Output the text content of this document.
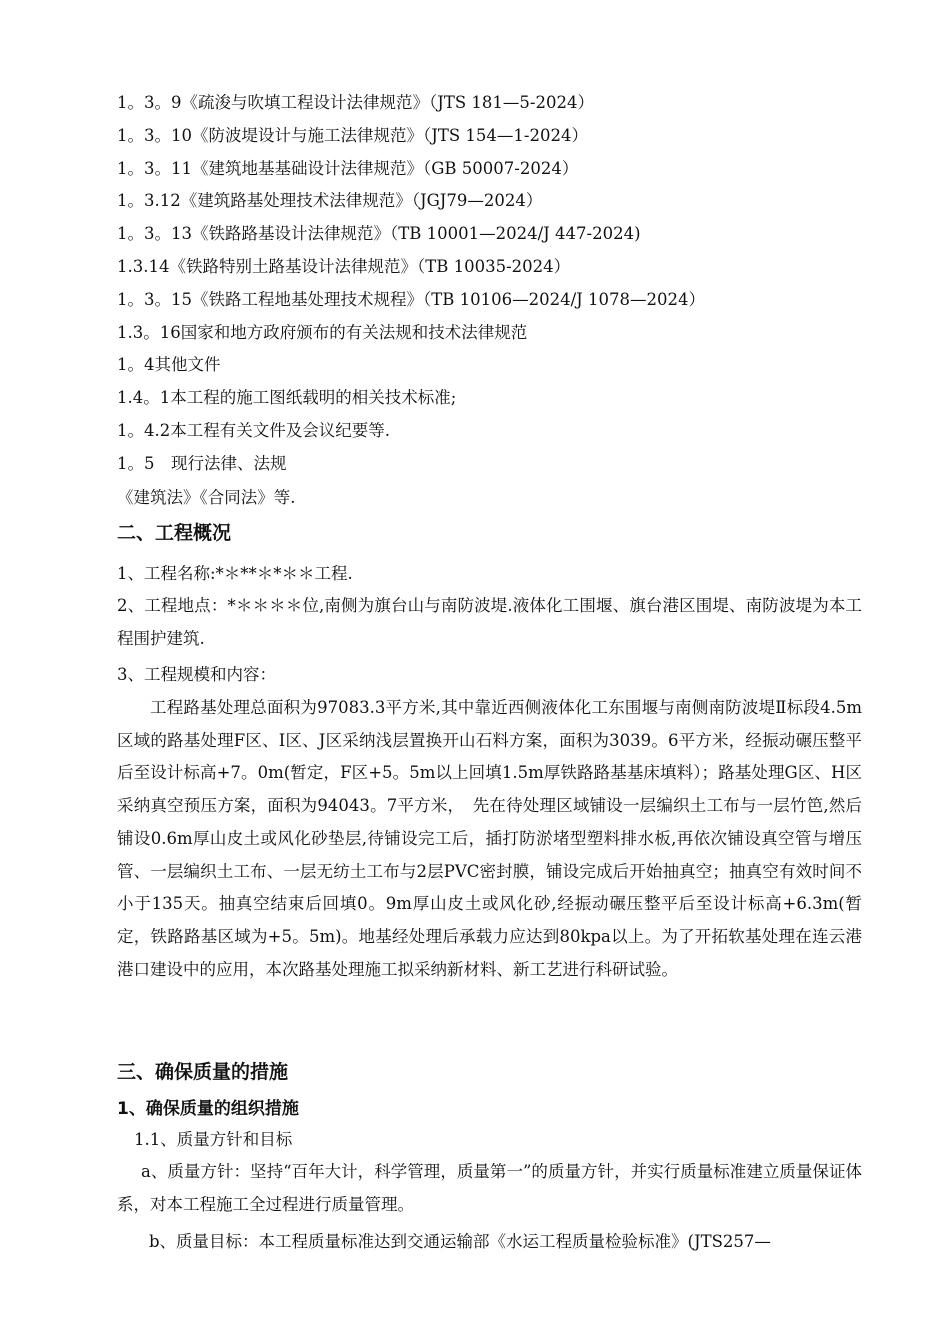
1。3。9《疏浚与吹填工程设计法律规范》（JTS 181—5-2024）
1。3。10《防波堤设计与施工法律规范》（JTS 154—1-2024）
1。3。11《建筑地基基础设计法律规范》（GB 50007-2024）
1。3.12《建筑路基处理技术法律规范》（JGJ79—2024）
1。3。13《铁路路基设计法律规范》（TB 10001—2024/J 447-2024)
1.3.14《铁路特别土路基设计法律规范》（TB 10035-2024）
1。3。15《铁路工程地基处理技术规程》（TB 10106—2024/J 1078—2024）
1.3。16国家和地方政府颁布的有关法规和技术法律规范
1。4其他文件
1.4。1本工程的施工图纸载明的相关技术标准;
1。4.2本工程有关文件及会议纪要等.
1。5　现行法律、法规
《建筑法》《合同法》等.
二、工程概况
1、工程名称:*＊**＊*＊＊工程.
2、工程地点：*＊＊＊＊位,南侧为旗台山与南防波堤.液体化工围堰、旗台港区围堤、南防波堤为本工程围护建筑.
3、工程规模和内容：
工程路基处理总面积为97083.3平方米,其中靠近西侧液体化工东围堰与南侧南防波堤Ⅱ标段4.5m区域的路基处理F区、I区、J区采纳浅层置换开山石料方案，面积为3039。6平方米，经振动碾压整平后至设计标高+7。0m(暂定，F区+5。5m以上回填1.5m厚铁路路基基床填料）；路基处理G区、H区采纳真空预压方案，面积为94043。7平方米，　先在待处理区域铺设一层编织土工布与一层竹笆,然后铺设0.6m厚山皮土或风化砂垫层,待铺设完工后，插打防淤堵型塑料排水板,再依次铺设真空管与增压管、一层编织土工布、一层无纺土工布与2层PVC密封膜，铺设完成后开始抽真空；抽真空有效时间不小于135天。抽真空结束后回填0。9m厚山皮土或风化砂,经振动碾压整平后至设计标高+6.3m(暂定，铁路路基区域为+5。5m)。地基经处理后承载力应达到80kpa以上。为了开拓软基处理在连云港港口建设中的应用，本次路基处理施工拟采纳新材料、新工艺进行科研试验。
三、确保质量的措施
1、确保质量的组织措施
1.1、质量方针和目标
a、质量方针：坚持“百年大计，科学管理，质量第一”的质量方针，并实行质量标准建立质量保证体系，对本工程施工全过程进行质量管理。
b、质量目标：本工程质量标准达到交通运输部《水运工程质量检验标准》(JTS257—
